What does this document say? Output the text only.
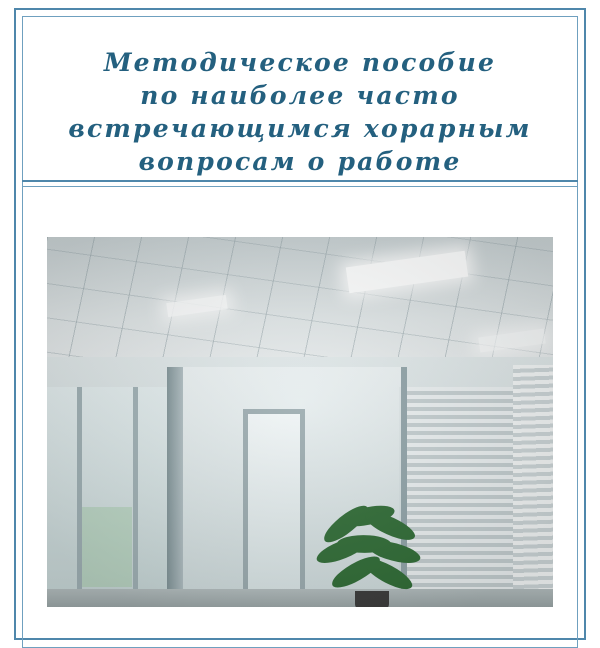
Методическое пособие
по наиболее часто
встречающимся хорарным
вопросам о работе
